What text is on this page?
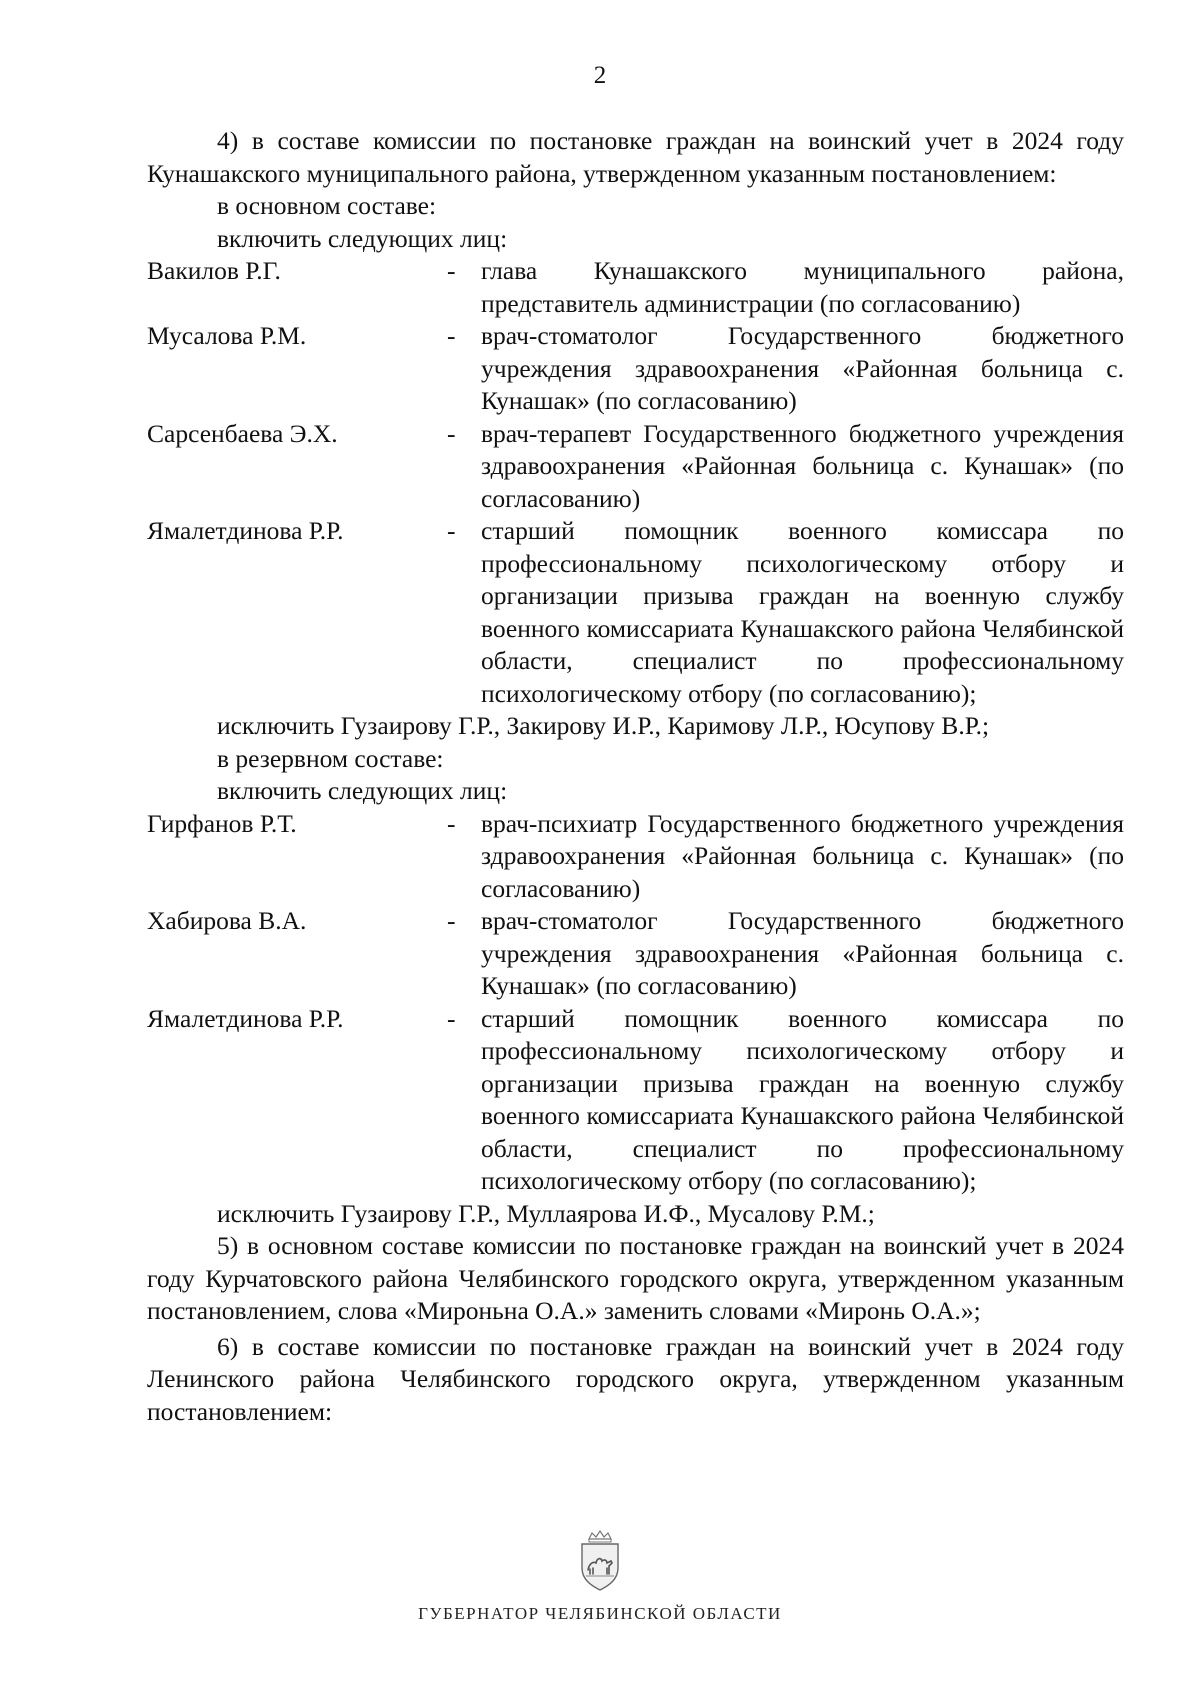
2

4) в составе комиссии по постановке граждан на воинский учет в 2024 году Кунашакского муниципального района, утвержденном указанным постановлением:

в основном составе:

включить следующих лиц:

Вакилов Р.Г.	-	глава Кунашакского муниципального района, представитель администрации (по согласованию)
Мусалова Р.М.	-	врач-стоматолог Государственного бюджетного учреждения здравоохранения «Районная больница с. Кунашак» (по согласованию)
Сарсенбаева Э.Х.	-	врач-терапевт Государственного бюджетного учреждения здравоохранения «Районная больница с. Кунашак» (по согласованию)
Ямалетдинова Р.Р.	-	старший помощник военного комиссара по профессиональному психологическому отбору и организации призыва граждан на военную службу военного комиссариата Кунашакского района Челябинской области, специалист по профессиональному психологическому отбору (по согласованию);

исключить Гузаирову Г.Р., Закирову И.Р., Каримову Л.Р., Юсупову В.Р.;

в резервном составе:

включить следующих лиц:

Гирфанов Р.Т.	-	врач-психиатр Государственного бюджетного учреждения здравоохранения «Районная больница с. Кунашак» (по согласованию)
Хабирова В.А.	-	врач-стоматолог Государственного бюджетного учреждения здравоохранения «Районная больница с. Кунашак» (по согласованию)
Ямалетдинова Р.Р.	-	старший помощник военного комиссара по профессиональному психологическому отбору и организации призыва граждан на военную службу военного комиссариата Кунашакского района Челябинской области, специалист по профессиональному психологическому отбору (по согласованию);

исключить Гузаирову Г.Р., Муллаярова И.Ф., Мусалову Р.М.;

5) в основном составе комиссии по постановке граждан на воинский учет в 2024 году Курчатовского района Челябинского городского округа, утвержденном указанным постановлением, слова «Мироньна О.А.» заменить словами «Миронь О.А.»;

6) в составе комиссии по постановке граждан на воинский учет в 2024 году Ленинского района Челябинского городского округа, утвержденном указанным постановлением:

ГУБЕРНАТОР ЧЕЛЯБИНСКОЙ ОБЛАСТИ
